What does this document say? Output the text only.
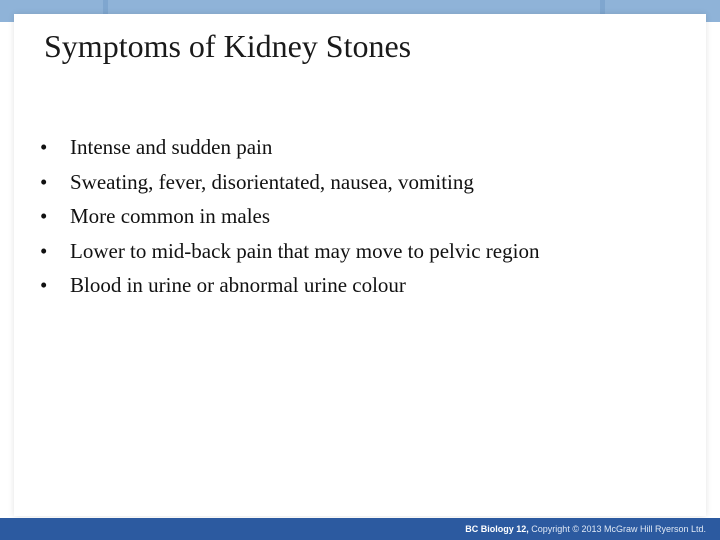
Symptoms of Kidney Stones
• Intense and sudden pain
• Sweating, fever, disorientated, nausea, vomiting
• More common in males
• Lower to mid-back pain that may move to pelvic region
• Blood in urine or abnormal urine colour
BC Biology 12, Copyright © 2013 McGraw Hill Ryerson Ltd.
